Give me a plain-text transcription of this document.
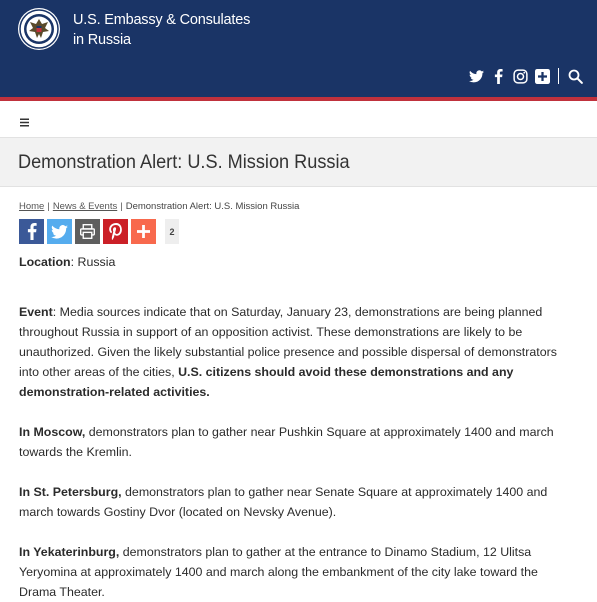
U.S. Embassy & Consulates
in Russia
Demonstration Alert: U.S. Mission Russia
Home | News & Events | Demonstration Alert: U.S. Mission Russia
2

Location: Russia

Event: Media sources indicate that on Saturday, January 23, demonstrations are being planned throughout Russia in support of an opposition activist. These demonstrations are likely to be unauthorized. Given the likely substantial police presence and possible dispersal of demonstrators into other areas of the cities, U.S. citizens should avoid these demonstrations and any demonstration-related activities.

In Moscow, demonstrators plan to gather near Pushkin Square at approximately 1400 and march towards the Kremlin.

In St. Petersburg, demonstrators plan to gather near Senate Square at approximately 1400 and march towards Gostiny Dvor (located on Nevsky Avenue).

In Yekaterinburg, demonstrators plan to gather at the entrance to Dinamo Stadium, 12 Ulitsa Yeryomina at approximately 1400 and march along the embankment of the city lake toward the Drama Theater.
